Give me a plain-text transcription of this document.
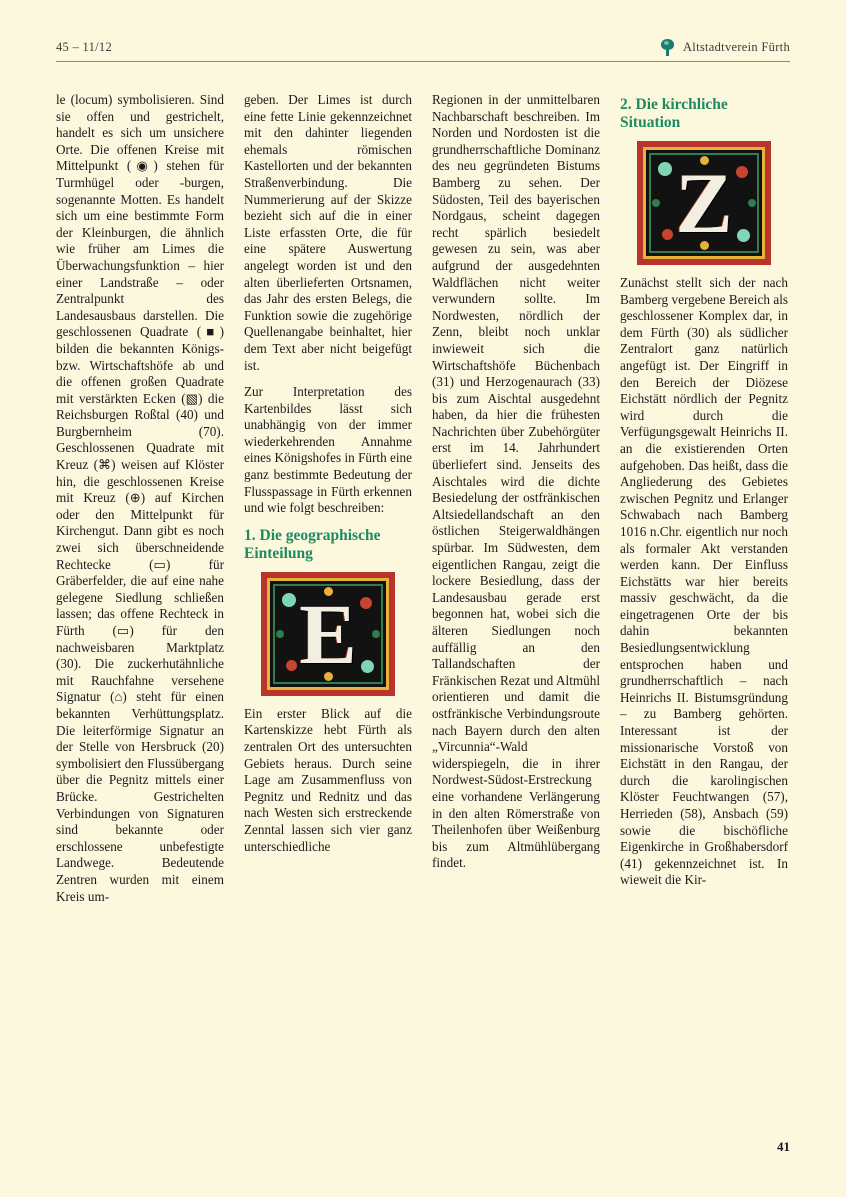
45 – 11/12	Altstadtverein Fürth

le (locum) symbolisieren. Sind sie offen und gestrichelt, handelt es sich um unsichere Orte. Die offenen Kreise mit Mittelpunkt (◉) stehen für Turmhügel oder -burgen, sogenannte Motten. Es handelt sich um eine bestimmte Form der Kleinburgen, die ähnlich wie früher am Limes die Überwachungsfunktion – hier einer Landstraße – oder Zentralpunkt des Landesausbaus darstellen. Die geschlossenen Quadrate (■) bilden die bekannten Königs- bzw. Wirtschaftshöfe ab und die offenen großen Quadrate mit verstärkten Ecken (▧) die Reichsburgen Roßtal (40) und Burgbernheim (70). Geschlossenen Quadrate mit Kreuz (⌘) weisen auf Klöster hin, die geschlossenen Kreise mit Kreuz (⊕) auf Kirchen oder den Mittelpunkt für Kirchengut. Dann gibt es noch zwei sich überschneidende Rechtecke (▭) für Gräberfelder, die auf eine nahe gelegene Siedlung schließen lassen; das offene Rechteck in Fürth (▭) für den nachweisbaren Marktplatz (30). Die zuckerhutähnliche mit Rauchfahne versehene Signatur (⌂) steht für einen bekannten Verhüttungsplatz. Die leiterförmige Signatur an der Stelle von Hersbruck (20) symbolisiert den Flussübergang über die Pegnitz mittels einer Brücke. Gestrichelten Verbindungen von Signaturen sind bekannte oder erschlossene unbefestigte Landwege. Bedeutende Zentren wurden mit einem Kreis um-

geben. Der Limes ist durch eine fette Linie gekennzeichnet mit den dahinter liegenden ehemals römischen Kastellorten und der bekannten Straßenverbindung. Die Nummerierung auf der Skizze bezieht sich auf die in einer Liste erfassten Orte, die für eine spätere Auswertung angelegt worden ist und den alten überlieferten Ortsnamen, das Jahr des ersten Belegs, die Funktion sowie die zugehörige Quellenangabe beinhaltet, hier dem Text aber nicht beigefügt ist.

Zur Interpretation des Kartenbildes lässt sich unabhängig von der immer wiederkehrenden Annahme eines Königshofes in Fürth eine ganz bestimmte Bedeutung der Flusspassage in Fürth erkennen und wie folgt beschreiben:

1. Die geographische Einteilung
E

Ein erster Blick auf die Kartenskizze hebt Fürth als zentralen Ort des untersuchten Gebiets heraus. Durch seine Lage am Zusammenfluss von Pegnitz und Rednitz und das nach Westen sich erstreckende Zenntal lassen sich vier ganz unterschiedliche

Regionen in der unmittelbaren Nachbarschaft beschreiben. Im Norden und Nordosten ist die grundherrschaftliche Dominanz des neu gegründeten Bistums Bamberg zu sehen. Der Südosten, Teil des bayerischen Nordgaus, scheint dagegen recht spärlich besiedelt gewesen zu sein, was aber aufgrund der ausgedehnten Waldflächen nicht weiter verwundern sollte. Im Nordwesten, nördlich der Zenn, bleibt noch unklar inwieweit sich die Wirtschaftshöfe Büchenbach (31) und Herzogenaurach (33) bis zum Aischtal ausgedehnt haben, da hier die frühesten Nachrichten über Zubehörgüter erst im 14. Jahrhundert überliefert sind. Jenseits des Aischtales wird die dichte Besiedelung der ostfränkischen Altsiedellandschaft an den östlichen Steigerwaldhängen spürbar. Im Südwesten, dem eigentlichen Rangau, zeigt die lockere Besiedlung, dass der Landesausbau gerade erst begonnen hat, wobei sich die älteren Siedlungen noch auffällig an den Tallandschaften der Fränkischen Rezat und Altmühl orientieren und damit die ostfränkische Verbindungsroute nach Bayern durch den alten „Vircunnia“-Wald widerspiegeln, die in ihrer Nordwest-Südost-Erstreckung eine vorhandene Verlängerung in den alten Römerstraße von Theilenhofen über Weißenburg bis zum Altmühlübergang findet.

2. Die kirchliche Situation
Z

Zunächst stellt sich der nach Bamberg vergebene Bereich als geschlossener Komplex dar, in dem Fürth (30) als südlicher Zentralort ganz natürlich angefügt ist. Der Eingriff in den Bereich der Diözese Eichstätt nördlich der Pegnitz wird durch die Verfügungsgewalt Heinrichs II. an die existierenden Orten aufgehoben. Das heißt, dass die Angliederung des Gebietes zwischen Pegnitz und Erlanger Schwabach nach Bamberg 1016 n.Chr. eigentlich nur noch als formaler Akt verstanden werden kann. Der Einfluss Eichstätts war hier bereits massiv geschwächt, da die eingetragenen Orte der bis dahin bekannten Besiedlungsentwicklung entsprochen haben und grundherrschaftlich – nach Heinrichs II. Bistumsgründung – zu Bamberg gehörten. Interessant ist der missionarische Vorstoß von Eichstätt in den Rangau, der durch die karolingischen Klöster Feuchtwangen (57), Herrieden (58), Ansbach (59) sowie die bischöfliche Eigenkirche in Großhabersdorf (41) gekennzeichnet ist. In wieweit die Kir-

41
